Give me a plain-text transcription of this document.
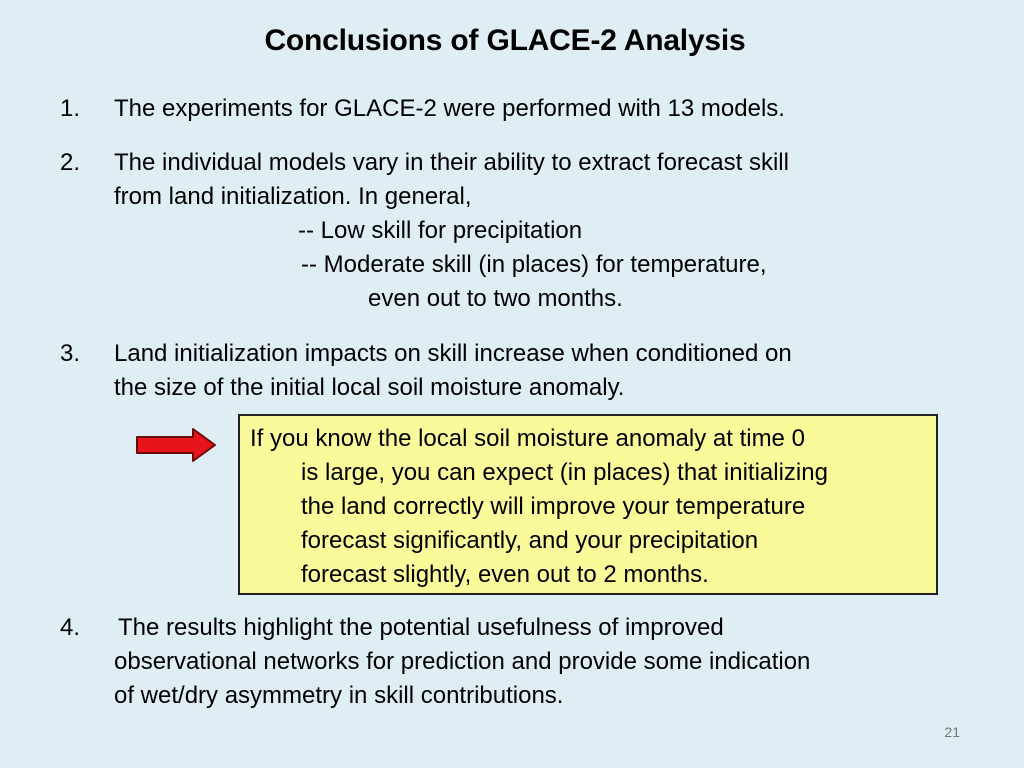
Conclusions of GLACE-2 Analysis
1. The experiments for GLACE-2 were performed with 13 models.
2. The individual models vary in their ability to extract forecast skill
from land initialization. In general,
-- Low skill for precipitation
-- Moderate skill (in places) for temperature,
even out to two months.
3. Land initialization impacts on skill increase when conditioned on
the size of the initial local soil moisture anomaly.
If you know the local soil moisture anomaly at time 0
is large, you can expect (in places) that initializing
the land correctly will improve your temperature
forecast significantly, and your precipitation
forecast slightly, even out to 2 months.
4. The results highlight the potential usefulness of improved
observational networks for prediction and provide some indication
of wet/dry asymmetry in skill contributions.
21
